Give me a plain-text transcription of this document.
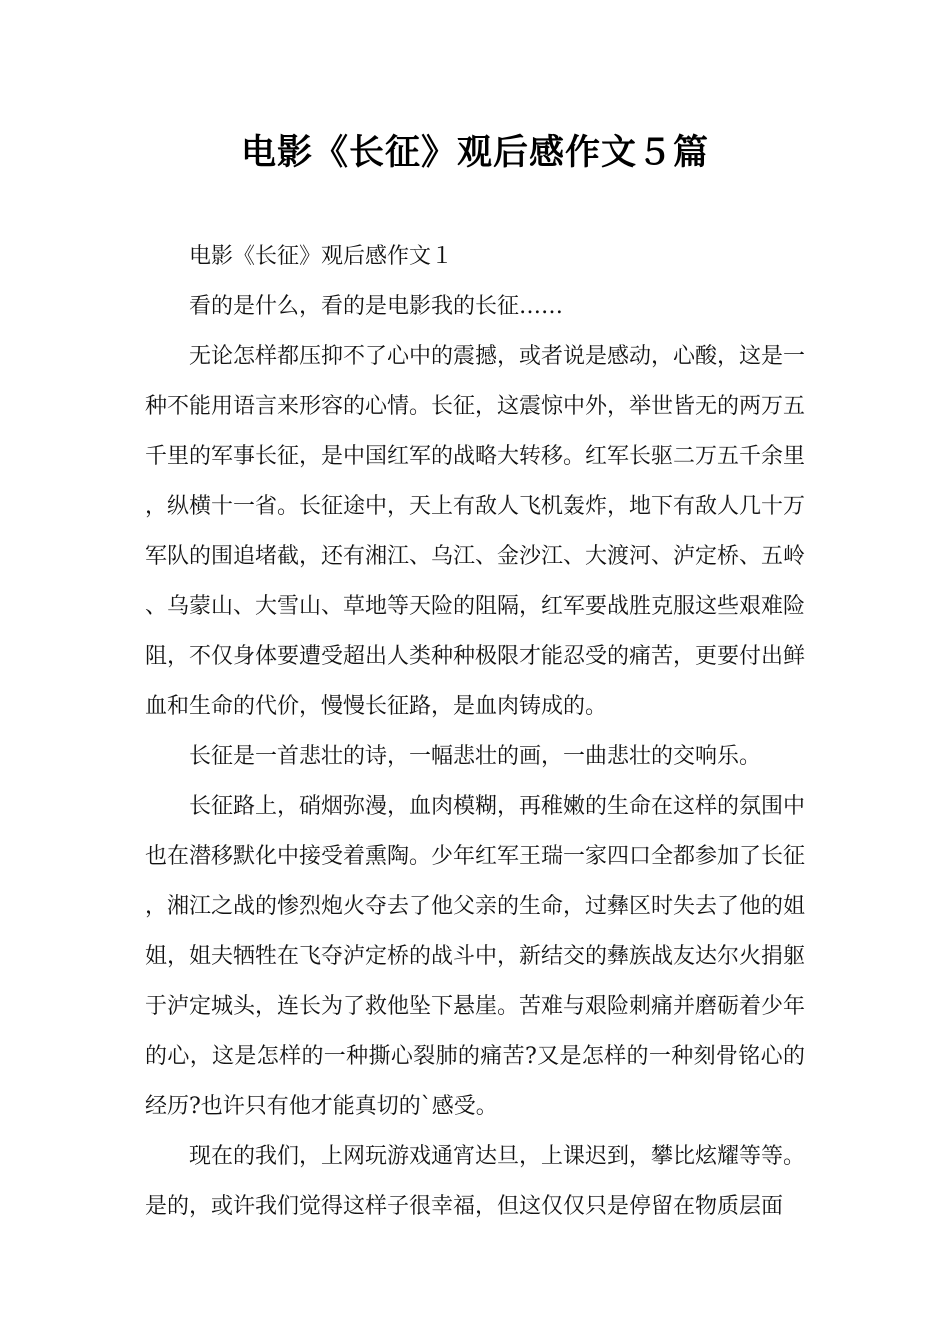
电影《长征》观后感作文５篇

电影《长征》观后感作文１

看的是什么，看的是电影我的长征……

无论怎样都压抑不了心中的震撼，或者说是感动，心酸，这是一种不能用语言来形容的心情。长征，这震惊中外，举世皆无的两万五千里的军事长征，是中国红军的战略大转移。红军长驱二万五千余里，纵横十一省。长征途中，天上有敌人飞机轰炸，地下有敌人几十万军队的围追堵截，还有湘江、乌江、金沙江、大渡河、泸定桥、五岭、乌蒙山、大雪山、草地等天险的阻隔，红军要战胜克服这些艰难险阻，不仅身体要遭受超出人类种种极限才能忍受的痛苦，更要付出鲜血和生命的代价，慢慢长征路，是血肉铸成的。

长征是一首悲壮的诗，一幅悲壮的画，一曲悲壮的交响乐。

长征路上，硝烟弥漫，血肉模糊，再稚嫩的生命在这样的氛围中也在潜移默化中接受着熏陶。少年红军王瑞一家四口全都参加了长征，湘江之战的惨烈炮火夺去了他父亲的生命，过彝区时失去了他的姐姐，姐夫牺牲在飞夺泸定桥的战斗中，新结交的彝族战友达尔火捐躯于泸定城头，连长为了救他坠下悬崖。苦难与艰险刺痛并磨砺着少年的心，这是怎样的一种撕心裂肺的痛苦?又是怎样的一种刻骨铭心的经历?也许只有他才能真切的`感受。

现在的我们，上网玩游戏通宵达旦，上课迟到，攀比炫耀等等。是的，或许我们觉得这样子很幸福，但这仅仅只是停留在物质层面
